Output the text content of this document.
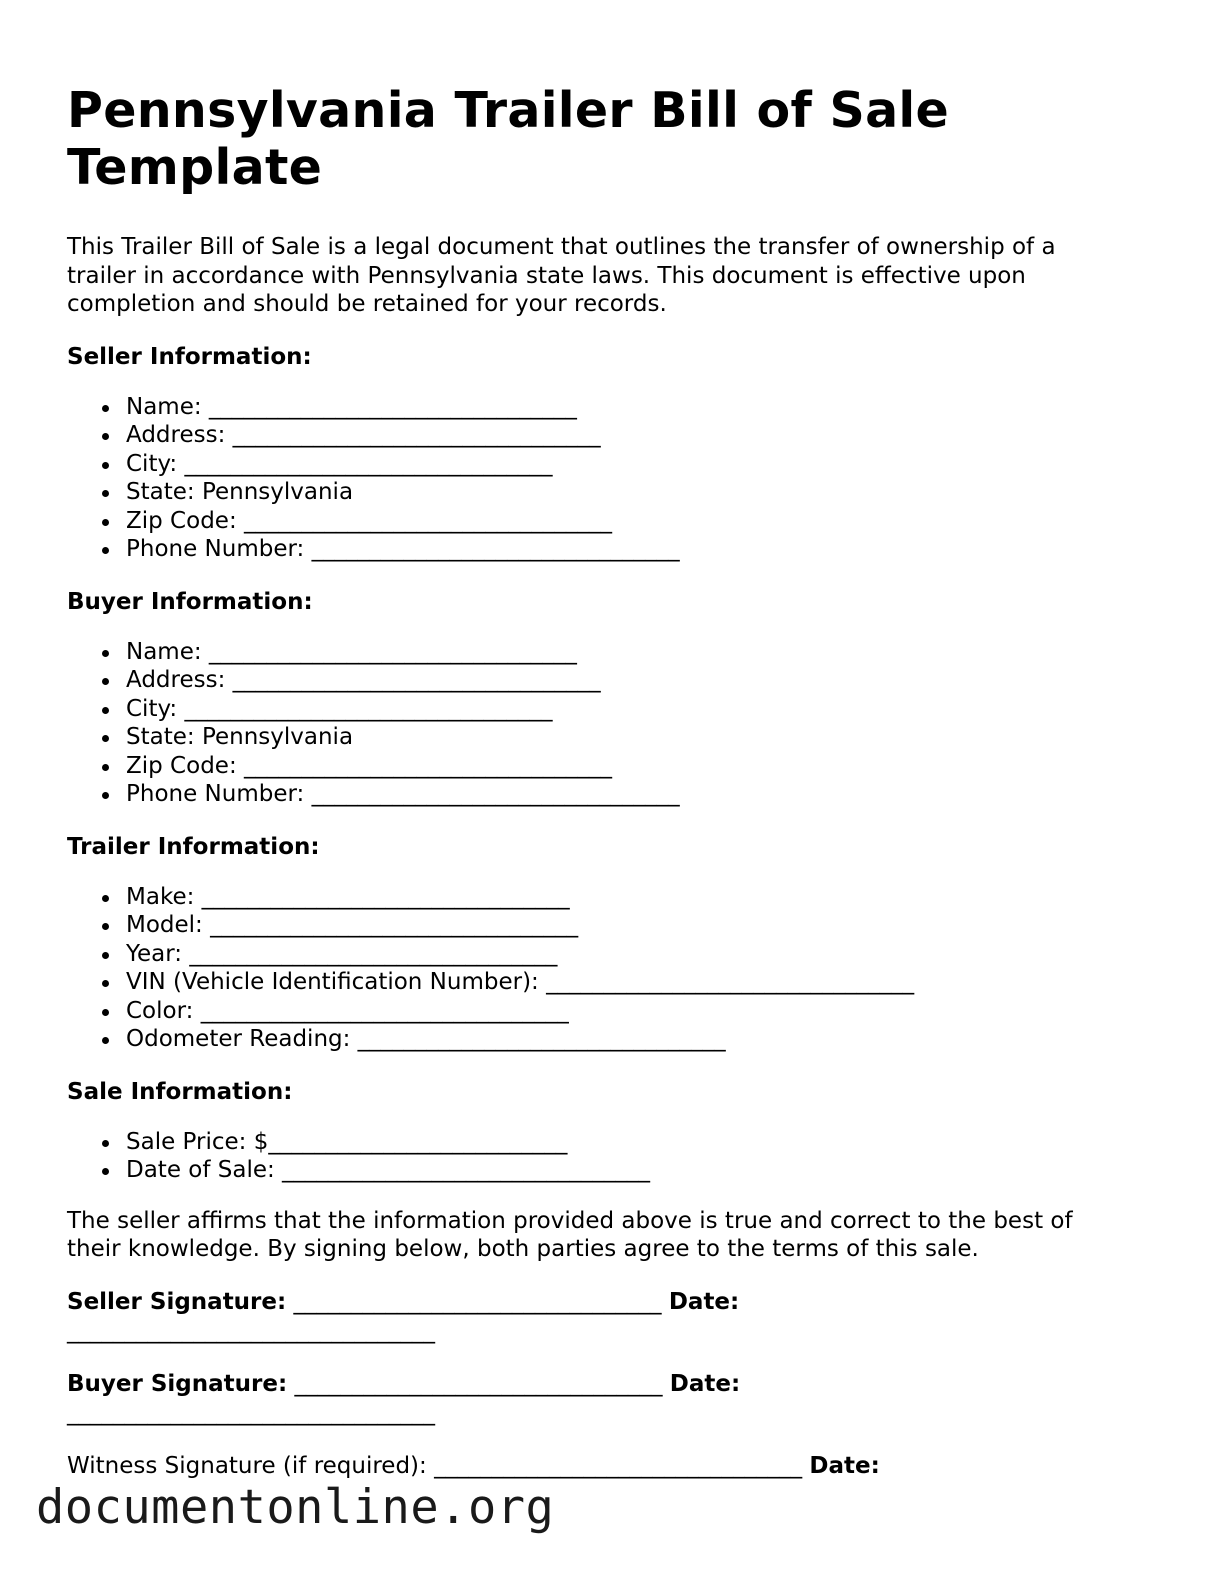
Pennsylvania Trailer Bill of Sale Template

This Trailer Bill of Sale is a legal document that outlines the transfer of ownership of a trailer in accordance with Pennsylvania state laws. This document is effective upon completion and should be retained for your records.

Seller Information:
Name: ________________________________
Address: ________________________________
City: ________________________________
State: Pennsylvania
Zip Code: ________________________________
Phone Number: ________________________________
Buyer Information:
Name: ________________________________
Address: ________________________________
City: ________________________________
State: Pennsylvania
Zip Code: ________________________________
Phone Number: ________________________________
Trailer Information:
Make: ________________________________
Model: ________________________________
Year: ________________________________
VIN (Vehicle Identification Number): ________________________________
Color: ________________________________
Odometer Reading: ________________________________
Sale Information:
Sale Price: $__________________________
Date of Sale: ________________________________

The seller affirms that the information provided above is true and correct to the best of their knowledge. By signing below, both parties agree to the terms of this sale.

Seller Signature: ________________________________ Date:
________________________________
Buyer Signature: ________________________________ Date:
________________________________
Witness Signature (if required): ________________________________ Date:
documentonline.org
